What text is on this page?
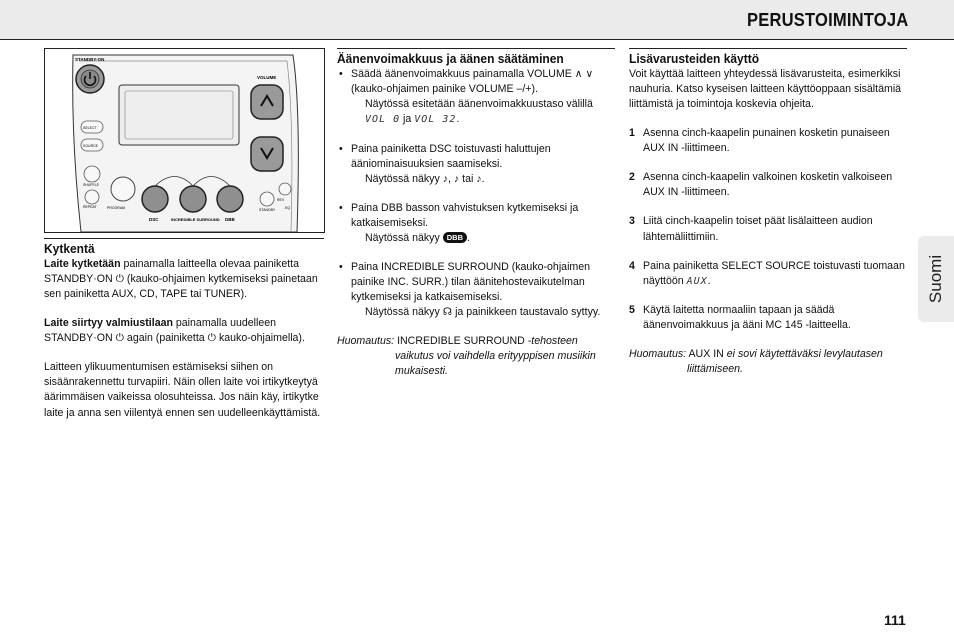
PERUSTOIMINTOJA
STANDBY-ON
VOLUME
DSC	INCREDIBLE SURROUND DBB
SELECT
SOURCE
SHUFFLE
REPEAT	PROGRAM	STANDBY
REV
EQ
Kytkentä

Laite kytketään painamalla laitteella olevaa painiketta STANDBY·ON ⏻ (kauko-ohjaimen kytkemiseksi painetaan sen painiketta AUX, CD, TAPE tai TUNER).

Laite siirtyy valmiustilaan painamalla uudelleen STANDBY·ON ⏻ again (painiketta ⏻ kauko-ohjaimella).

Laitteen ylikuumentumisen estämiseksi siihen on sisäänrakennettu turvapiiri. Näin ollen laite voi irtikytkeytyä äärimmäisen vaikeissa olosuhteissa. Jos näin käy, irtikytke laite ja anna sen viilentyä ennen sen uudelleenkäyttämistä.

Äänenvoimakkuus ja äänen säätäminen
• Säädä äänenvoimakkuus painamalla VOLUME ∧ ∨ (kauko-ohjaimen painike VOLUME –/+).
Näytössä esitetään äänenvoimakkuustaso välillä
VOL 0 ja VOL 32.
• Paina painiketta DSC toistuvasti haluttujen ääniominaisuuksien saamiseksi.
Näytössä näkyy ♪, ♪ tai ♪.
• Paina DBB basson vahvistuksen kytkemiseksi ja katkaisemiseksi.
Näytössä näkyy DBB .
• Paina INCREDIBLE SURROUND (kauko-ohjaimen painike INC. SURR.) tilan äänitehostevaikutelman kytkemiseksi ja katkaisemiseksi.
Näytössä näkyy ☊ ja painikkeen taustavalo syttyy.

Huomautus: INCREDIBLE SURROUND -tehosteen vaikutus voi vaihdella erityyppisen musiikin mukaisesti.

Lisävarusteiden käyttö

Voit käyttää laitteen yhteydessä lisävarusteita, esimerkiksi nauhuria. Katso kyseisen laitteen käyttöoppaan sisältämiä liittämistä ja toimintoja koskevia ohjeita.

1 Asenna cinch-kaapelin punainen kosketin punaiseen AUX IN -liittimeen.
2 Asenna cinch-kaapelin valkoinen kosketin valkoiseen AUX IN -liittimeen.
3 Liitä cinch-kaapelin toiset päät lisälaitteen audion lähtemäliittimiin.
4 Paina painiketta SELECT SOURCE toistuvasti tuomaan näyttöön AUX.
5 Käytä laitetta normaaliin tapaan ja säädä äänenvoimakkuus ja ääni MC 145 -laitteella.

Huomautus: AUX IN ei sovi käytettäväksi levylautasen liittämiseen.

Suomi
111
